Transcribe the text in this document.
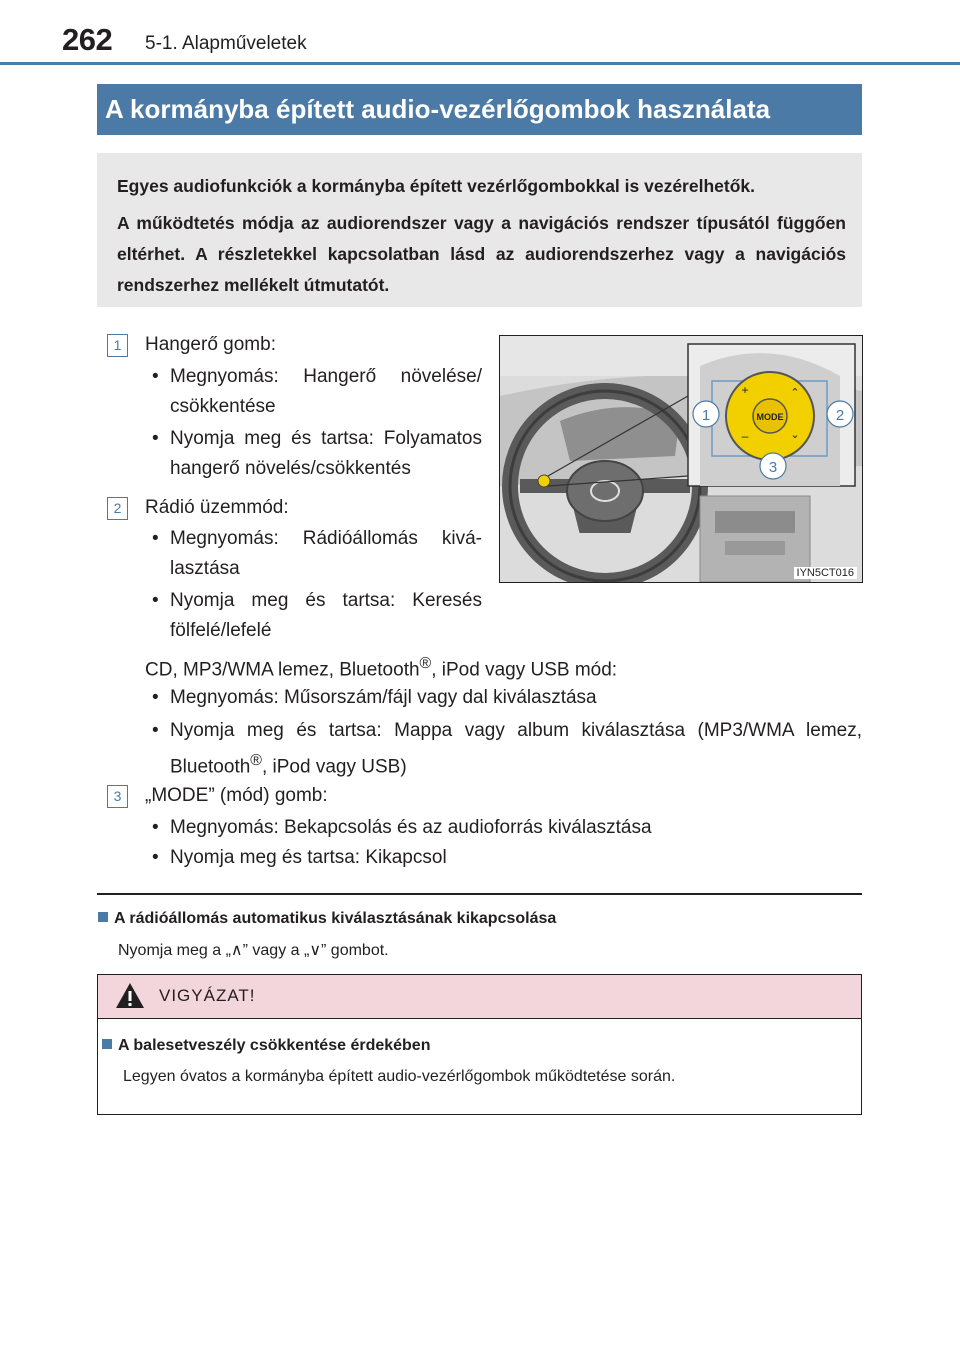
262 5-1. Alapműveletek
A kormányba épített audio-vezérlőgombok használata

Egyes audiofunkciók a kormányba épített vezérlőgombokkal is vezérelhetők.

A működtetés módja az audiorendszer vagy a navigációs rendszer típusától függően eltérhet. A részletekkel kapcsolatban lásd az audiorendszerhez vagy a navigációs rendszerhez mellékelt útmutatót.

1	Hangerő gomb:
• Megnyomás: Hangerő növelése/ csökkentése
• Nyomja meg és tartsa: Folyamatos hangerő növelés/csökkentés
2	Rádió üzemmód:
• Megnyomás: Rádióállomás kiválasztása
• Nyomja meg és tartsa: Keresés fölfelé/lefelé
CD, MP3/WMA lemez, Bluetooth®, iPod vagy USB mód:
• Megnyomás: Műsorszám/fájl vagy dal kiválasztása
• Nyomja meg és tartsa: Mappa vagy album kiválasztása (MP3/WMA lemez, Bluetooth®, iPod vagy USB)
3	„MODE” (mód) gomb:
• Megnyomás: Bekapcsolás és az audioforrás kiválasztása
• Nyomja meg és tartsa: Kikapcsol
MODE
+
–
⌃
⌄
1	2
3
IYN5CT016
A rádióállomás automatikus kiválasztásának kikapcsolása
Nyomja meg a „∧” vagy a „∨” gombot.
VIGYÁZAT!
A balesetveszély csökkentése érdekében
Legyen óvatos a kormányba épített audio-vezérlőgombok működtetése során.
